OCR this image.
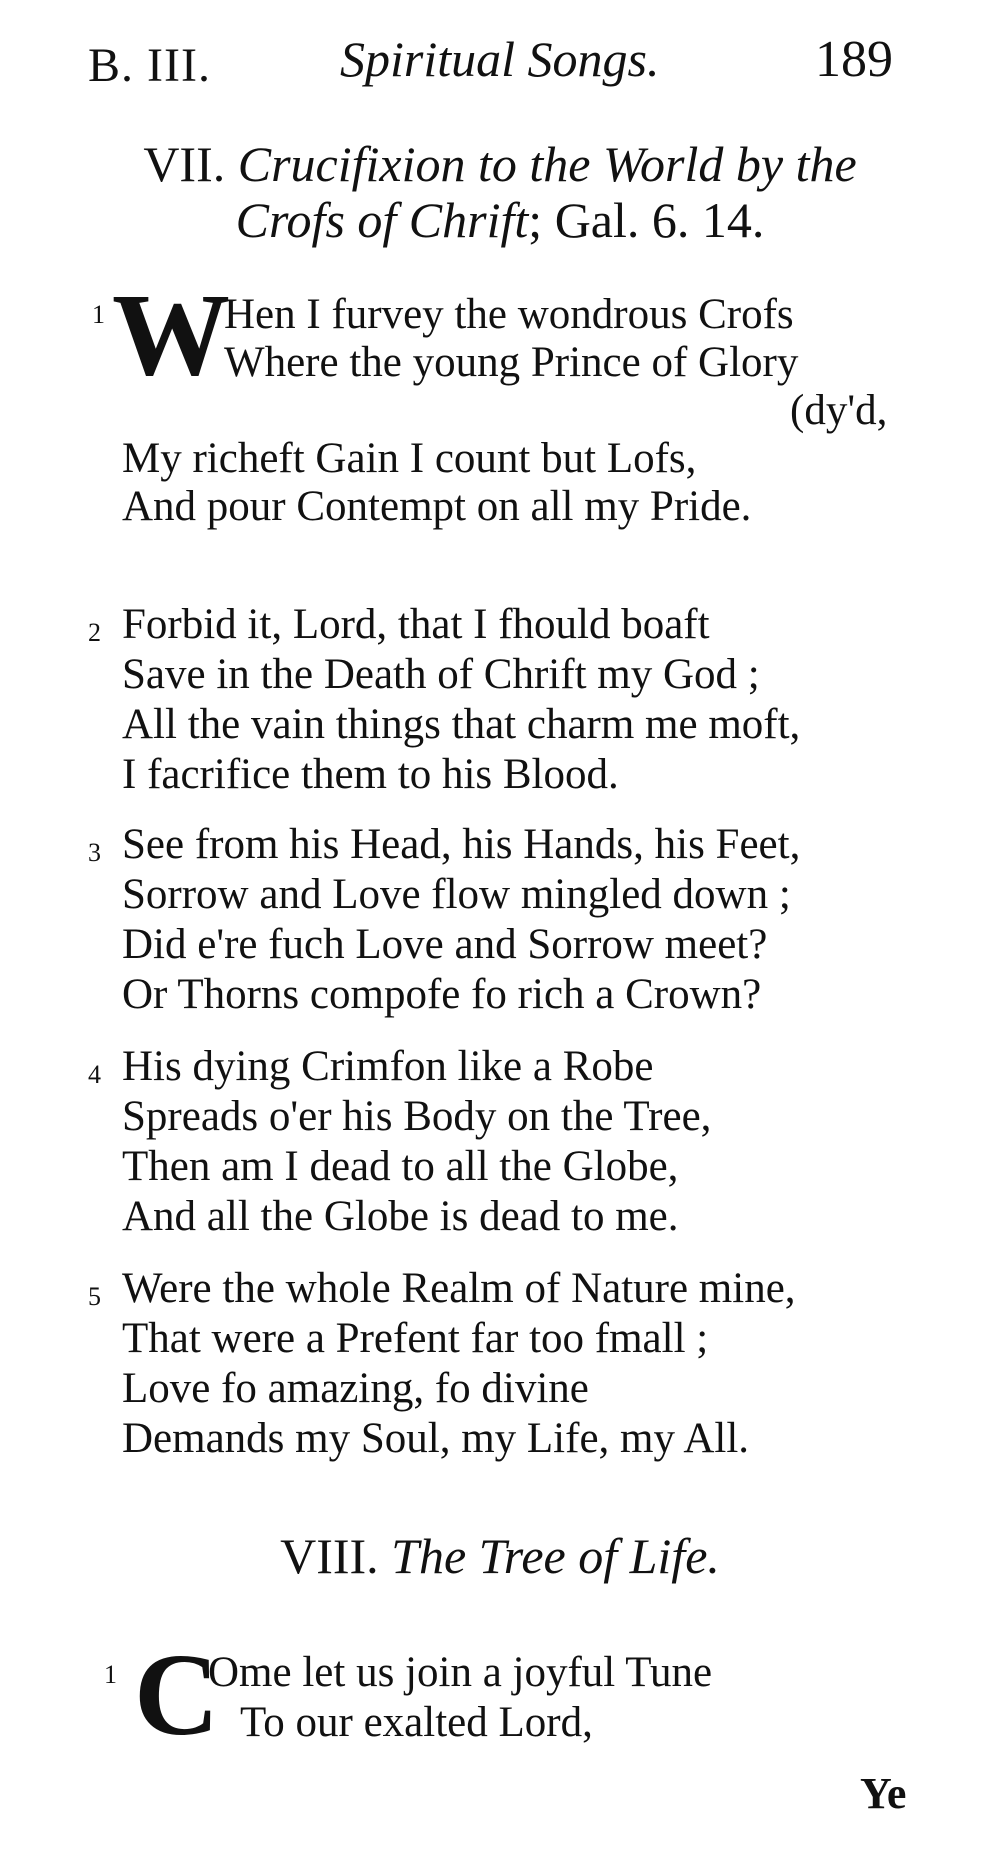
B. III.	Spiritual Songs.	189
VII. Crucifixion to the World by the
Crofs of Chrift; Gal. 6. 14.
1 W
Hen I furvey the wondrous Crofs
Where the young Prince of Glory
(dy'd,
My richeft Gain I count but Lofs,
And pour Contempt on all my Pride.
2 Forbid it, Lord, that I fhould boaft
Save in the Death of Chrift my God ;
All the vain things that charm me moft,
I facrifice them to his Blood.
3 See from his Head, his Hands, his Feet,
Sorrow and Love flow mingled down ;
Did e're fuch Love and Sorrow meet?
Or Thorns compofe fo rich a Crown?
4 His dying Crimfon like a Robe
Spreads o'er his Body on the Tree,
Then am I dead to all the Globe,
And all the Globe is dead to me.
5 Were the whole Realm of Nature mine,
That were a Prefent far too fmall ;
Love fo amazing, fo divine
Demands my Soul, my Life, my All.
VIII. The Tree of Life.
1 C
Ome let us join a joyful Tune
To our exalted Lord,
Ye
